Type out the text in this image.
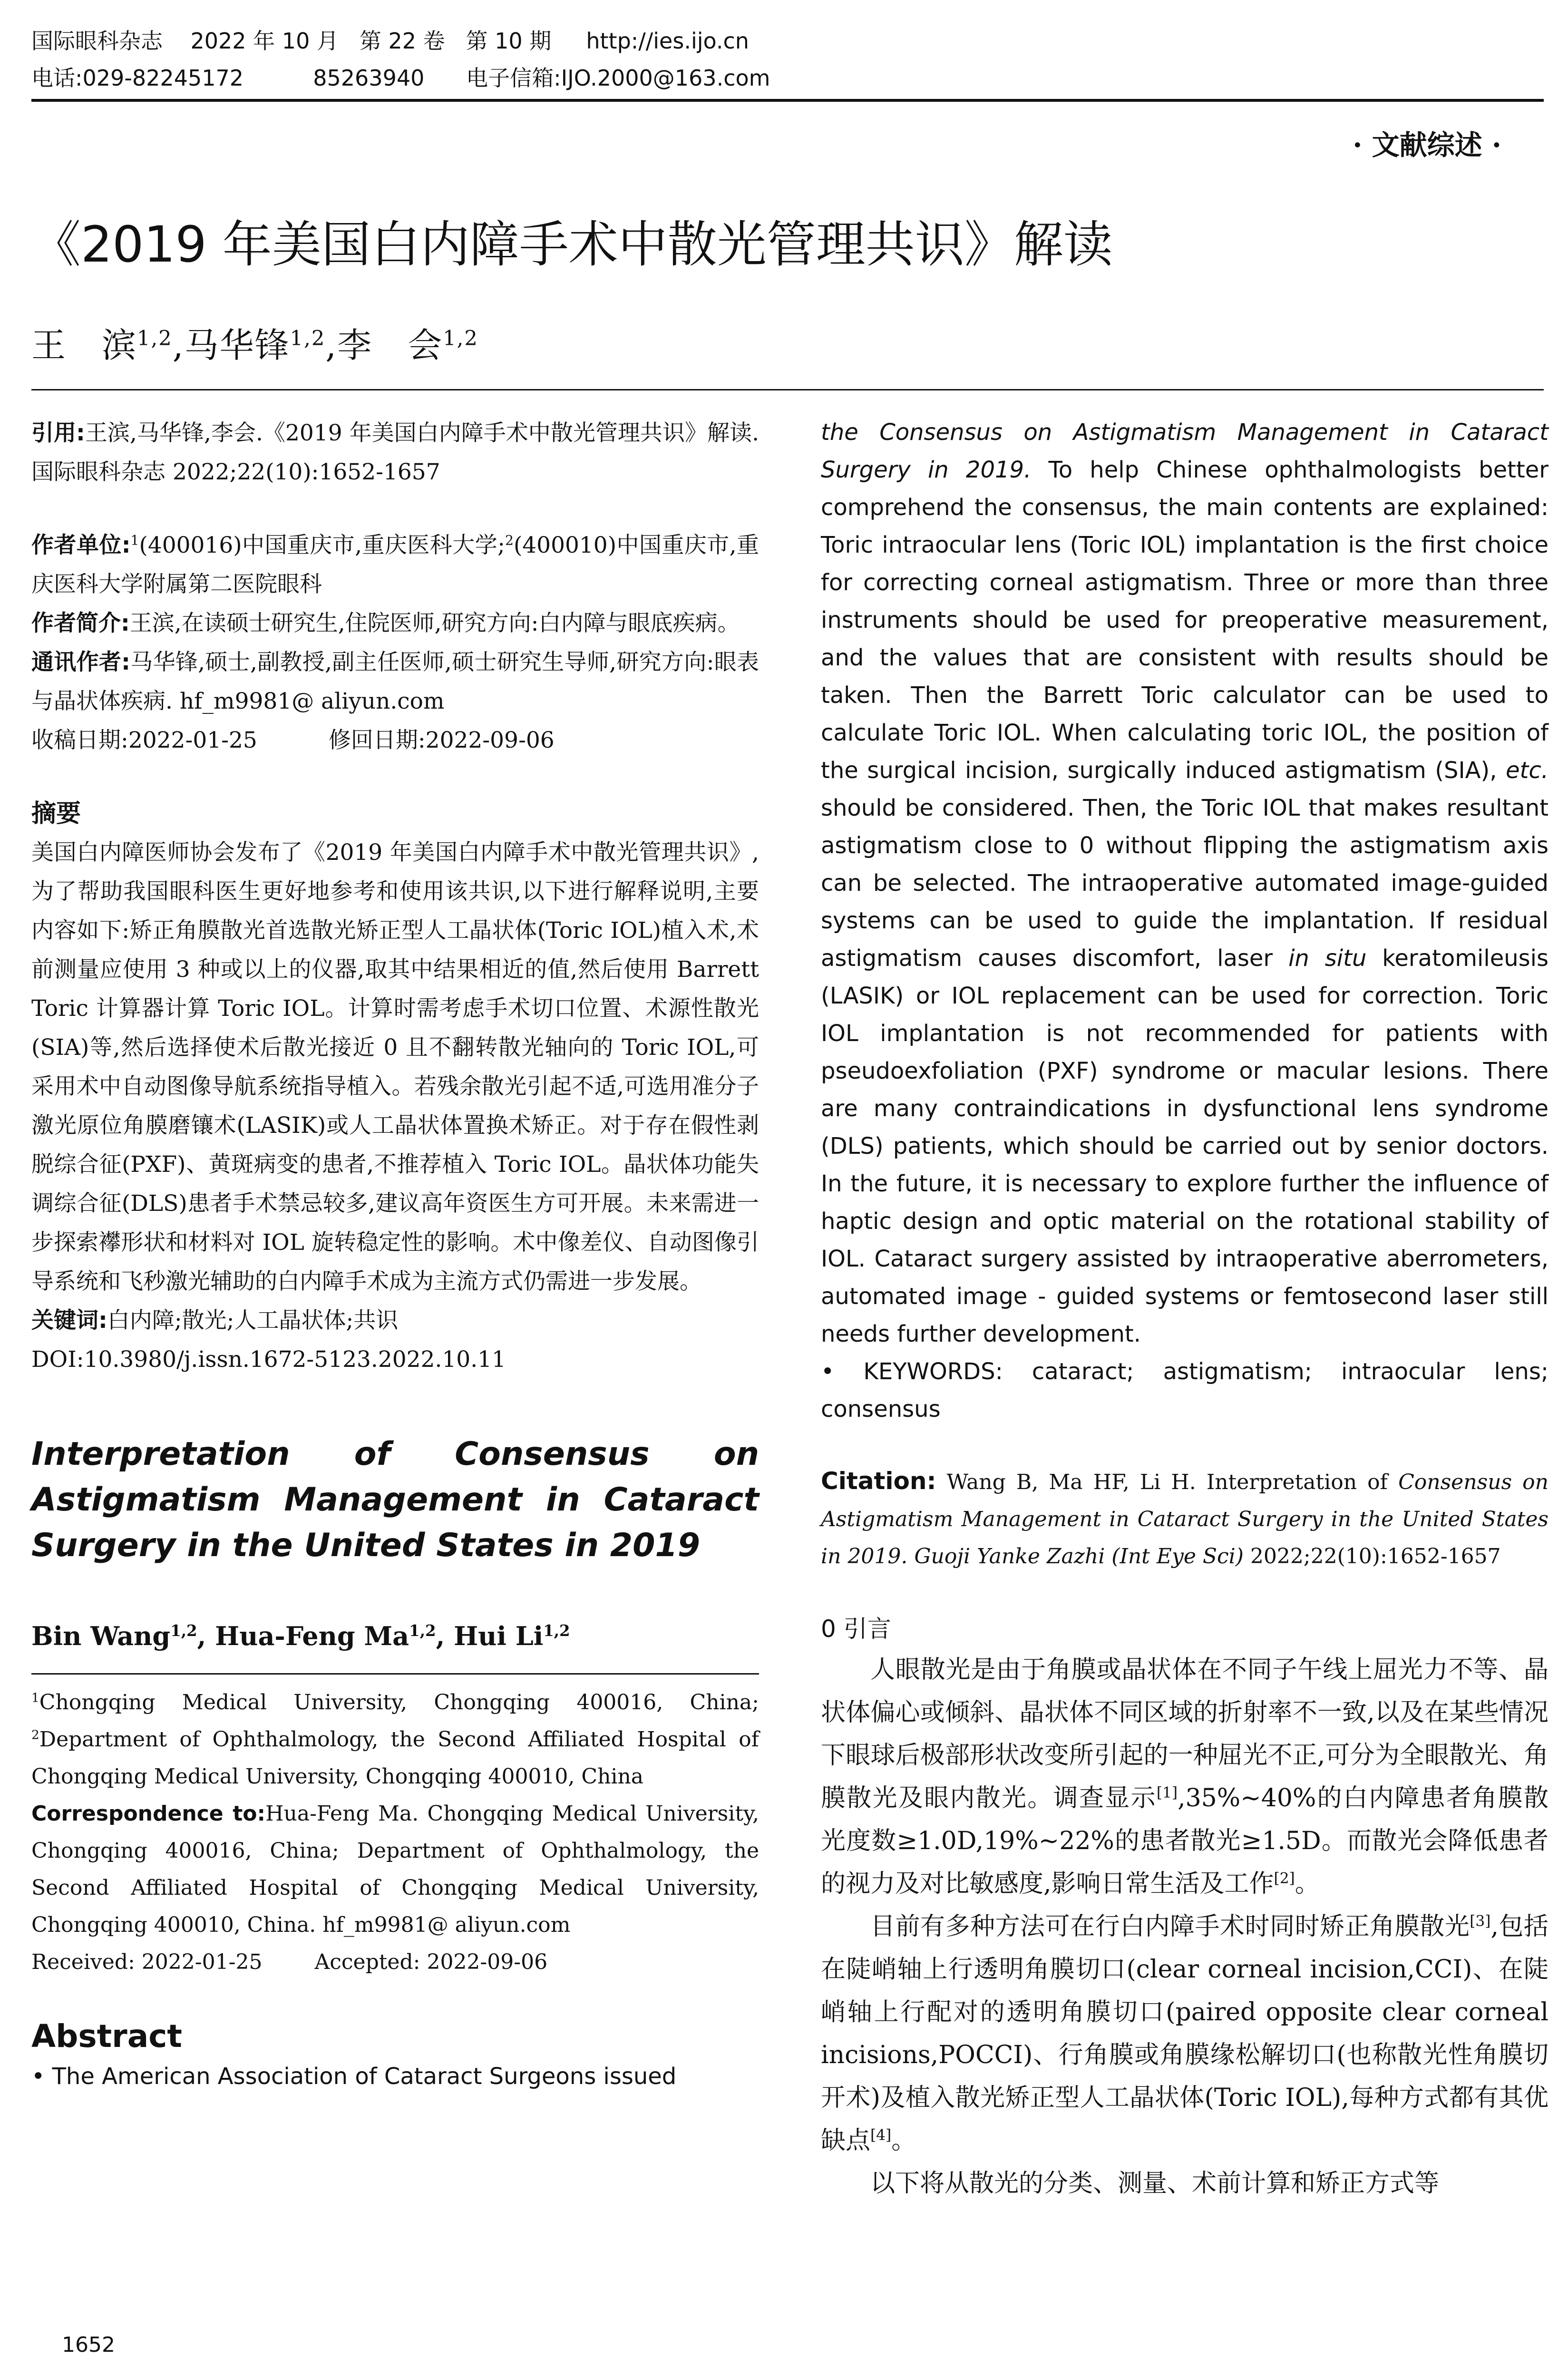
国际眼科杂志    2022 年 10 月   第 22 卷   第 10 期     http://ies.ijo.cn
电话:029-82245172          85263940      电子信箱:IJO.2000@163.com
· 文献综述 ·
《2019 年美国白内障手术中散光管理共识》解读
王　滨$^{1,2}$,马华锋$^{1,2}$,李　会$^{1,2}$

引用:王滨,马华锋,李会.《2019 年美国白内障手术中散光管理共识》解读. 国际眼科杂志 2022;22(10):1652-1657

作者单位:$^1$(400016)中国重庆市,重庆医科大学;$^2$(400010)中国重庆市,重庆医科大学附属第二医院眼科

作者简介:王滨,在读硕士研究生,住院医师,研究方向:白内障与眼底疾病。

通讯作者:马华锋,硕士,副教授,副主任医师,硕士研究生导师,研究方向:眼表与晶状体疾病. hf_m9981@ aliyun.com

收稿日期:2022-01-25	修回日期:2022-09-06

摘要

美国白内障医师协会发布了《2019 年美国白内障手术中散光管理共识》,为了帮助我国眼科医生更好地参考和使用该共识,以下进行解释说明,主要内容如下:矫正角膜散光首选散光矫正型人工晶状体(Toric IOL)植入术,术前测量应使用 3 种或以上的仪器,取其中结果相近的值,然后使用 Barrett Toric 计算器计算 Toric IOL。计算时需考虑手术切口位置、术源性散光(SIA)等,然后选择使术后散光接近 0 且不翻转散光轴向的 Toric IOL,可采用术中自动图像导航系统指导植入。若残余散光引起不适,可选用准分子激光原位角膜磨镶术(LASIK)或人工晶状体置换术矫正。对于存在假性剥脱综合征(PXF)、黄斑病变的患者,不推荐植入 Toric IOL。晶状体功能失调综合征(DLS)患者手术禁忌较多,建议高年资医生方可开展。未来需进一步探索襻形状和材料对 IOL 旋转稳定性的影响。术中像差仪、自动图像引导系统和飞秒激光辅助的白内障手术成为主流方式仍需进一步发展。

关键词:白内障;散光;人工晶状体;共识

DOI:10.3980/j.issn.1672-5123.2022.10.11

Interpretation of Consensus on

Astigmatism Management in Cataract

Surgery in the United States in 2019

Bin Wang$^{1,2}$, Hua-Feng Ma$^{1,2}$, Hui Li$^{1,2}$

$^1$Chongqing Medical University, Chongqing 400016, China; $^2$Department of Ophthalmology, the Second Affiliated Hospital of Chongqing Medical University, Chongqing 400010, China

Correspondence to:Hua-Feng Ma. Chongqing Medical University, Chongqing 400016, China; Department of Ophthalmology, the Second Affiliated Hospital of Chongqing Medical University, Chongqing 400010, China. hf_m9981@ aliyun.com

Received: 2022-01-25	Accepted: 2022-09-06

Abstract

• The American Association of Cataract Surgeons issued

the Consensus on Astigmatism Management in Cataract Surgery in 2019. To help Chinese ophthalmologists better comprehend the consensus, the main contents are explained: Toric intraocular lens (Toric IOL) implantation is the first choice for correcting corneal astigmatism. Three or more than three instruments should be used for preoperative measurement, and the values that are consistent with results should be taken. Then the Barrett Toric calculator can be used to calculate Toric IOL. When calculating toric IOL, the position of the surgical incision, surgically induced astigmatism (SIA), etc. should be considered. Then, the Toric IOL that makes resultant astigmatism close to 0 without flipping the astigmatism axis can be selected. The intraoperative automated image-guided systems can be used to guide the implantation. If residual astigmatism causes discomfort, laser in situ keratomileusis (LASIK) or IOL replacement can be used for correction. Toric IOL implantation is not recommended for patients with pseudoexfoliation (PXF) syndrome or macular lesions. There are many contraindications in dysfunctional lens syndrome (DLS) patients, which should be carried out by senior doctors. In the future, it is necessary to explore further the influence of haptic design and optic material on the rotational stability of IOL. Cataract surgery assisted by intraoperative aberrometers, automated image - guided systems or femtosecond laser still needs further development.

• KEYWORDS: cataract; astigmatism; intraocular lens; consensus

Citation: Wang B, Ma HF, Li H. Interpretation of Consensus on Astigmatism Management in Cataract Surgery in the United States in 2019. Guoji Yanke Zazhi (Int Eye Sci) 2022;22(10):1652-1657

0 引言

人眼散光是由于角膜或晶状体在不同子午线上屈光力不等、晶状体偏心或倾斜、晶状体不同区域的折射率不一致,以及在某些情况下眼球后极部形状改变所引起的一种屈光不正,可分为全眼散光、角膜散光及眼内散光。调查显示[1],35%~40%的白内障患者角膜散光度数≥1.0D,19%~22%的患者散光≥1.5D。而散光会降低患者的视力及对比敏感度,影响日常生活及工作[2]。

目前有多种方法可在行白内障手术时同时矫正角膜散光[3],包括在陡峭轴上行透明角膜切口(clear corneal incision,CCI)、在陡峭轴上行配对的透明角膜切口(paired opposite clear corneal incisions,POCCI)、行角膜或角膜缘松解切口(也称散光性角膜切开术)及植入散光矫正型人工晶状体(Toric IOL),每种方式都有其优缺点[4]。

以下将从散光的分类、测量、术前计算和矫正方式等

1652
